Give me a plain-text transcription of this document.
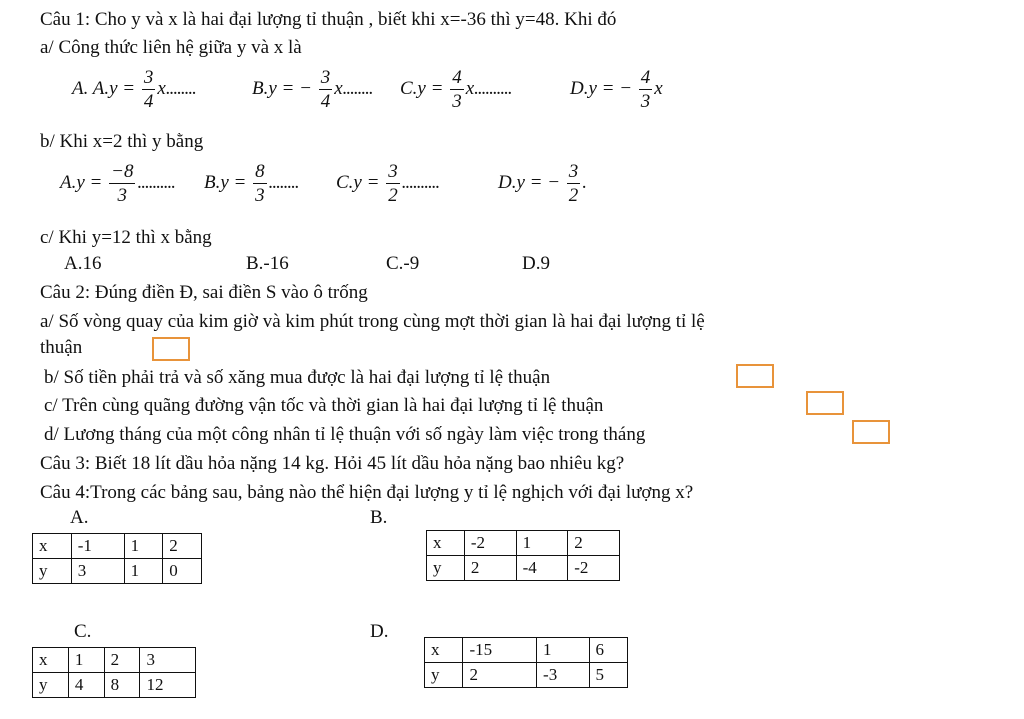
Câu 1: Cho y và x là hai đại lượng tỉ thuận , biết khi x=-36 thì y=48. Khi đó
a/ Công thức liên hệ giữa y và x là
A. $A.y = \frac{3}{4} x$........	B.y = − $\frac{3}{4} x$........ $C.y = \frac{4}{3} x$..........	D.y = − $\frac{4}{3}$ x
b/ Khi x=2 thì y bằng
$A.y = \frac{-8}{3}$ .......... $B.y = \frac{8}{3}$ ........ $C.y = \frac{3}{2}$ ..........	D.y = − $\frac{3}{2}$ .
c/ Khi y=12 thì x bằng
A.16	B.-16	C.-9	D.9
Câu 2: Đúng điền Đ, sai điền S vào ô trống
a/ Số vòng quay của kim giờ và kim phút trong cùng mợt thời gian là hai đại lượng tỉ lệ
thuận
b/ Số tiền phải trả và số xăng mua được là hai đại lượng tỉ lệ thuận
c/ Trên cùng quãng đường vận tốc và thời gian là hai đại lượng tỉ lệ thuận
d/ Lương tháng của một công nhân tỉ lệ thuận với số ngày làm việc trong tháng
Câu 3: Biết 18 lít dầu hỏa nặng 14 kg. Hỏi 45 lít dầu hỏa nặng bao nhiêu kg?
Câu 4:Trong các bảng sau, bảng nào thể hiện đại lượng y tỉ lệ nghịch với đại lượng x?
A.
x	-1	1	2
y	3	1	0
B.
x	-2	1	2
y	2	-4	-2
C.
x	1	2	3
y	4	8	12
D.
x	-15	1	6
y	2	-3	5
